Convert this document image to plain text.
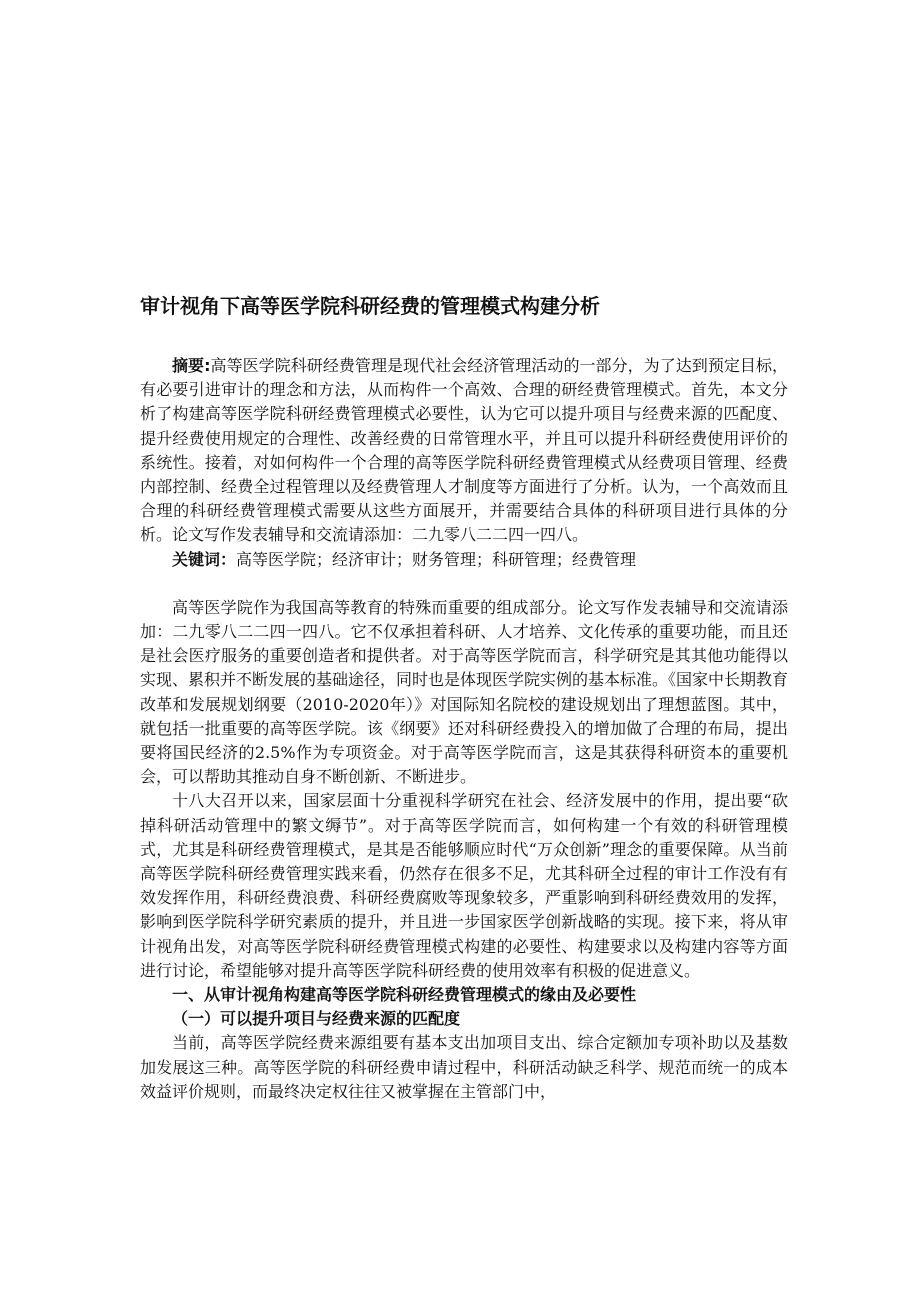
审计视角下高等医学院科研经费的管理模式构建分析

摘要:高等医学院科研经费管理是现代社会经济管理活动的一部分，为了达到预定目标，有必要引进审计的理念和方法，从而构件一个高效、合理的研经费管理模式。首先，本文分析了构建高等医学院科研经费管理模式必要性，认为它可以提升项目与经费来源的匹配度、提升经费使用规定的合理性、改善经费的日常管理水平，并且可以提升科研经费使用评价的系统性。接着，对如何构件一个合理的高等医学院科研经费管理模式从经费项目管理、经费内部控制、经费全过程管理以及经费管理人才制度等方面进行了分析。认为，一个高效而且合理的科研经费管理模式需要从这些方面展开，并需要结合具体的科研项目进行具体的分析。论文写作发表辅导和交流请添加：二九零八二二四一四八。

关键词：高等医学院；经济审计；财务管理；科研管理；经费管理

高等医学院作为我国高等教育的特殊而重要的组成部分。论文写作发表辅导和交流请添加：二九零八二二四一四八。它不仅承担着科研、人才培养、文化传承的重要功能，而且还是社会医疗服务的重要创造者和提供者。对于高等医学院而言，科学研究是其其他功能得以实现、累积并不断发展的基础途径，同时也是体现医学院实例的基本标准。《国家中长期教育改革和发展规划纲要（2010-2020年）》对国际知名院校的建设规划出了理想蓝图。其中，就包括一批重要的高等医学院。该《纲要》还对科研经费投入的增加做了合理的布局，提出要将国民经济的2.5%作为专项资金。对于高等医学院而言，这是其获得科研资本的重要机会，可以帮助其推动自身不断创新、不断进步。

十八大召开以来，国家层面十分重视科学研究在社会、经济发展中的作用，提出要“砍掉科研活动管理中的繁文缛节”。对于高等医学院而言，如何构建一个有效的科研管理模式，尤其是科研经费管理模式，是其是否能够顺应时代“万众创新”理念的重要保障。从当前高等医学院科研经费管理实践来看，仍然存在很多不足，尤其科研全过程的审计工作没有有效发挥作用，科研经费浪费、科研经费腐败等现象较多，严重影响到科研经费效用的发挥，影响到医学院科学研究素质的提升，并且进一步国家医学创新战略的实现。接下来，将从审计视角出发，对高等医学院科研经费管理模式构建的必要性、构建要求以及构建内容等方面进行讨论，希望能够对提升高等医学院科研经费的使用效率有积极的促进意义。

一、从审计视角构建高等医学院科研经费管理模式的缘由及必要性

（一）可以提升项目与经费来源的匹配度

当前，高等医学院经费来源组要有基本支出加项目支出、综合定额加专项补助以及基数加发展这三种。高等医学院的科研经费申请过程中，科研活动缺乏科学、规范而统一的成本效益评价规则，而最终决定权往往又被掌握在主管部门中，
